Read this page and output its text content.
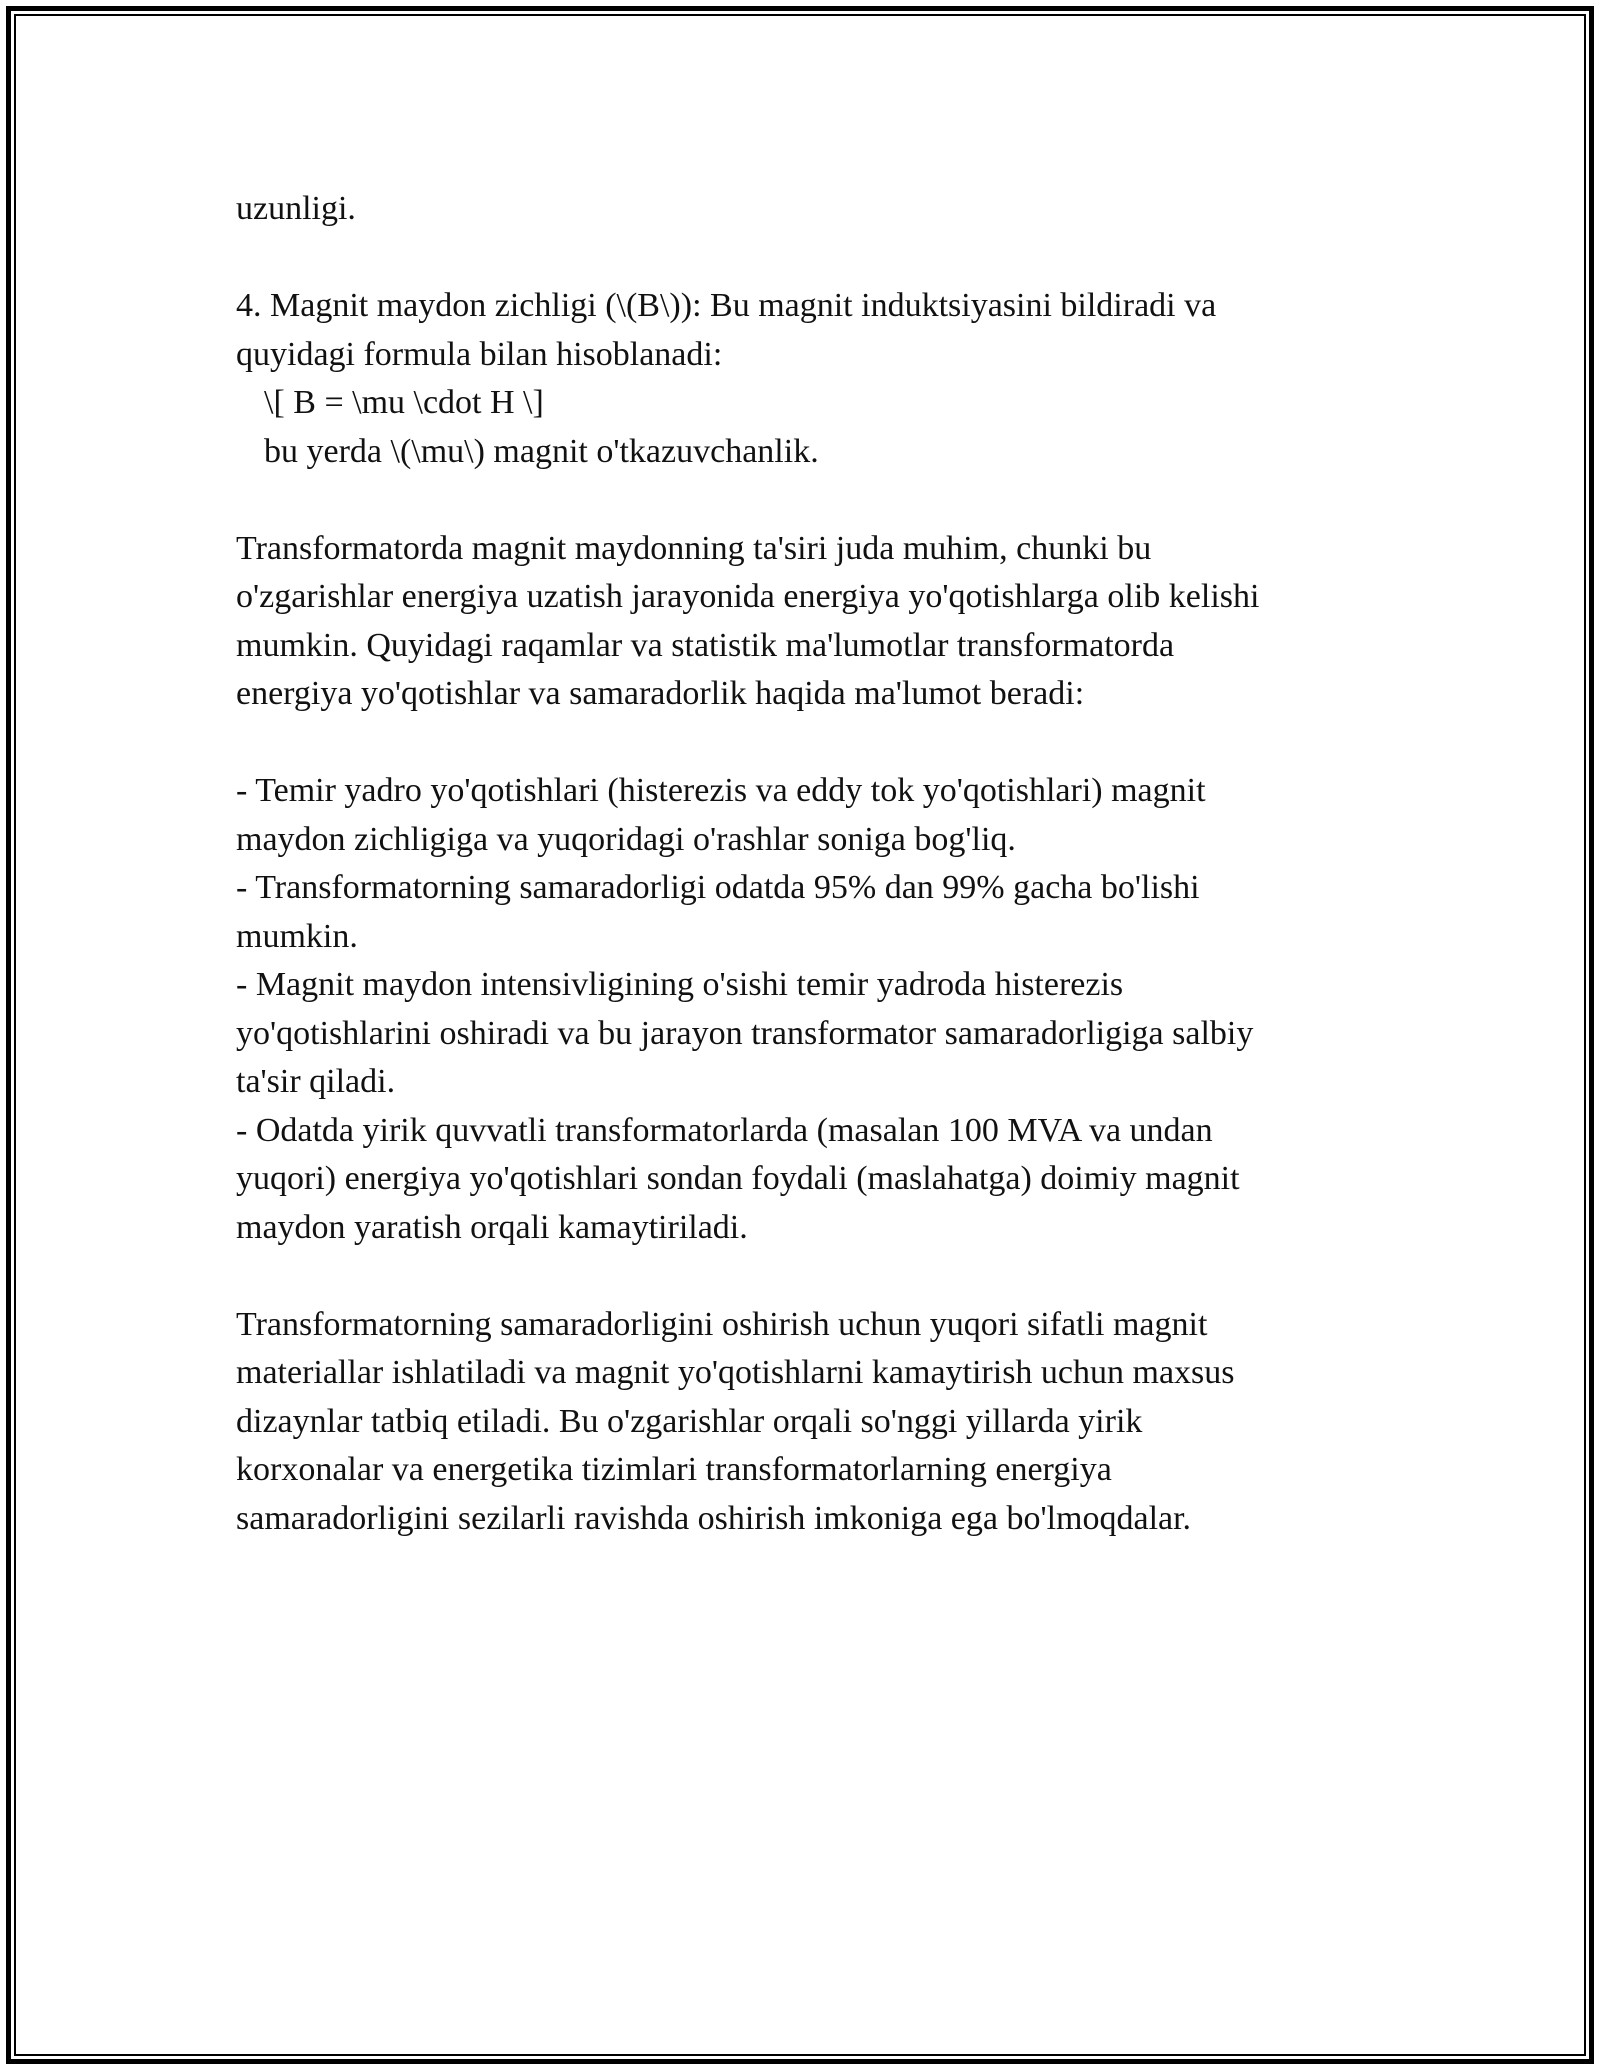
uzunligi.
4. Magnit maydon zichligi (\(B\)): Bu magnit induktsiyasini bildiradi va
quyidagi formula bilan hisoblanadi:
\[ B = \mu \cdot H \]
bu yerda \(\mu\) magnit o'tkazuvchanlik.
Transformatorda magnit maydonning ta'siri juda muhim, chunki bu
o'zgarishlar energiya uzatish jarayonida energiya yo'qotishlarga olib kelishi
mumkin. Quyidagi raqamlar va statistik ma'lumotlar transformatorda
energiya yo'qotishlar va samaradorlik haqida ma'lumot beradi:
- Temir yadro yo'qotishlari (histerezis va eddy tok yo'qotishlari) magnit
maydon zichligiga va yuqoridagi o'rashlar soniga bog'liq.
- Transformatorning samaradorligi odatda 95% dan 99% gacha bo'lishi
mumkin.
- Magnit maydon intensivligining o'sishi temir yadroda histerezis
yo'qotishlarini oshiradi va bu jarayon transformator samaradorligiga salbiy
ta'sir qiladi.
- Odatda yirik quvvatli transformatorlarda (masalan 100 MVA va undan
yuqori) energiya yo'qotishlari sondan foydali (maslahatga) doimiy magnit
maydon yaratish orqali kamaytiriladi.
Transformatorning samaradorligini oshirish uchun yuqori sifatli magnit
materiallar ishlatiladi va magnit yo'qotishlarni kamaytirish uchun maxsus
dizaynlar tatbiq etiladi. Bu o'zgarishlar orqali so'nggi yillarda yirik
korxonalar va energetika tizimlari transformatorlarning energiya
samaradorligini sezilarli ravishda oshirish imkoniga ega bo'lmoqdalar.
